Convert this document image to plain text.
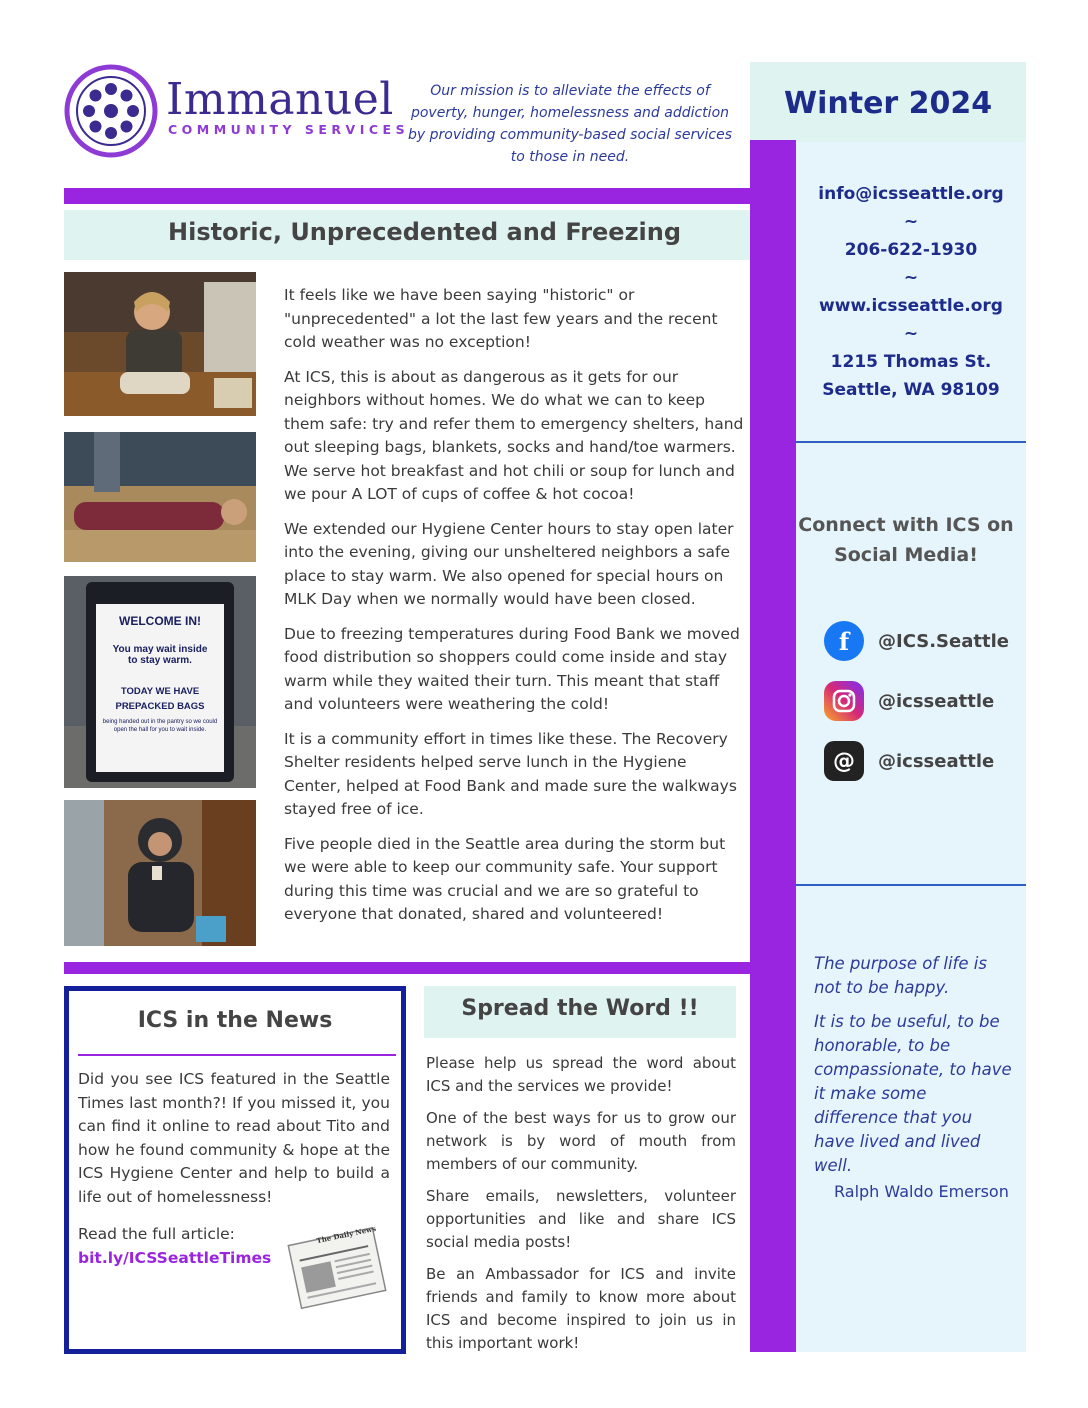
Immanuel
COMMUNITY SERVICES
Our mission is to alleviate the effects of poverty, hunger, homelessness and addiction by providing community-based social services to those in need.
Winter 2024
info@icsseattle.org
~
206-622-1930
~
www.icsseattle.org
~
1215 Thomas St.
Seattle, WA 98109
Connect with ICS on Social Media!
f	@ICS.Seattle
@icsseattle
@	@icsseattle

The purpose of life is not to be happy.

It is to be useful, to be honorable, to be compassionate, to have it make some difference that you have lived and lived well.

Ralph Waldo Emerson
Historic, Unprecedented and Freezing
WELCOME IN!
You may wait inside
to stay warm.
TODAY WE HAVE
PREPACKED BAGS
being handed out in the pantry so we could open the hall for you to wait inside.

It feels like we have been saying "historic" or "unprecedented" a lot the last few years and the recent cold weather was no exception!

At ICS, this is about as dangerous as it gets for our neighbors without homes. We do what we can to keep them safe: try and refer them to emergency shelters, hand out sleeping bags, blankets, socks and hand/toe warmers. We serve hot breakfast and hot chili or soup for lunch and we pour A LOT of cups of coffee & hot cocoa!

We extended our Hygiene Center hours to stay open later into the evening, giving our unsheltered neighbors a safe place to stay warm. We also opened for special hours on MLK Day when we normally would have been closed.

Due to freezing temperatures during Food Bank we moved food distribution so shoppers could come inside and stay warm while they waited their turn. This meant that staff and volunteers were weathering the cold!

It is a community effort in times like these. The Recovery Shelter residents helped serve lunch in the Hygiene Center, helped at Food Bank and made sure the walkways stayed free of ice.

Five people died in the Seattle area during the storm but we were able to keep our community safe. Your support during this time was crucial and we are so grateful to everyone that donated, shared and volunteered!

ICS in the News

Did you see ICS featured in the Seattle Times last month?! If you missed it, you can find it online to read about Tito and how he found community & hope at the ICS Hygiene Center and help to build a life out of homelessness!

Read the full article:
bit.ly/ICSSeattleTimes
The Daily News
Spread the Word !!

Please help us spread the word about ICS and the services we provide!

One of the best ways for us to grow our network is by word of mouth from members of our community.

Share emails, newsletters, volunteer opportunities and like and share ICS social media posts!

Be an Ambassador for ICS and invite friends and family to know more about ICS and become inspired to join us in this important work!
